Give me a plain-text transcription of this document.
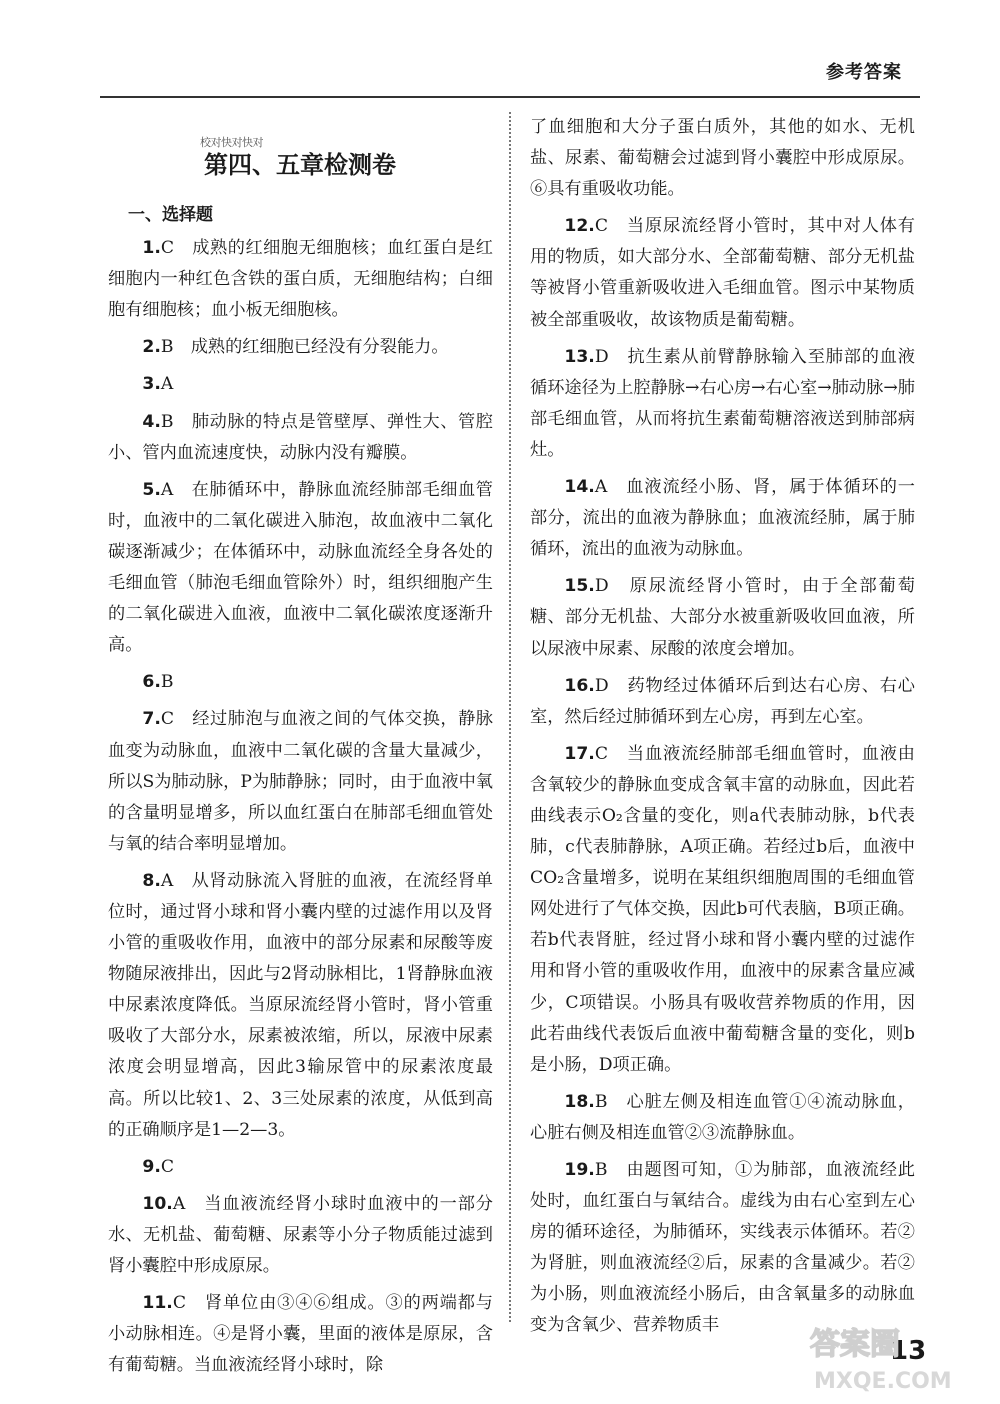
参考答案
校对快对快对
第四、五章检测卷
一、选择题
1.C　成熟的红细胞无细胞核；血红蛋白是红细胞内一种红色含铁的蛋白质，无细胞结构；白细胞有细胞核；血小板无细胞核。
2.B　成熟的红细胞已经没有分裂能力。
3.A
4.B　肺动脉的特点是管壁厚、弹性大、管腔小、管内血流速度快，动脉内没有瓣膜。
5.A　在肺循环中，静脉血流经肺部毛细血管时，血液中的二氧化碳进入肺泡，故血液中二氧化碳逐渐减少；在体循环中，动脉血流经全身各处的毛细血管（肺泡毛细血管除外）时，组织细胞产生的二氧化碳进入血液，血液中二氧化碳浓度逐渐升高。
6.B
7.C　经过肺泡与血液之间的气体交换，静脉血变为动脉血，血液中二氧化碳的含量大量减少，所以S为肺动脉，P为肺静脉；同时，由于血液中氧的含量明显增多，所以血红蛋白在肺部毛细血管处与氧的结合率明显增加。
8.A　从肾动脉流入肾脏的血液，在流经肾单位时，通过肾小球和肾小囊内壁的过滤作用以及肾小管的重吸收作用，血液中的部分尿素和尿酸等废物随尿液排出，因此与2肾动脉相比，1肾静脉血液中尿素浓度降低。当原尿流经肾小管时，肾小管重吸收了大部分水，尿素被浓缩，所以，尿液中尿素浓度会明显增高，因此3输尿管中的尿素浓度最高。所以比较1、2、3三处尿素的浓度，从低到高的正确顺序是1—2—3。
9.C
10.A　当血液流经肾小球时血液中的一部分水、无机盐、葡萄糖、尿素等小分子物质能过滤到肾小囊腔中形成原尿。
11.C　肾单位由③④⑥组成。③的两端都与小动脉相连。④是肾小囊，里面的液体是原尿，含有葡萄糖。当血液流经肾小球时，除
了血细胞和大分子蛋白质外，其他的如水、无机盐、尿素、葡萄糖会过滤到肾小囊腔中形成原尿。⑥具有重吸收功能。
12.C　当原尿流经肾小管时，其中对人体有用的物质，如大部分水、全部葡萄糖、部分无机盐等被肾小管重新吸收进入毛细血管。图示中某物质被全部重吸收，故该物质是葡萄糖。
13.D　抗生素从前臂静脉输入至肺部的血液循环途径为上腔静脉→右心房→右心室→肺动脉→肺部毛细血管，从而将抗生素葡萄糖溶液送到肺部病灶。
14.A　血液流经小肠、肾，属于体循环的一部分，流出的血液为静脉血；血液流经肺，属于肺循环，流出的血液为动脉血。
15.D　原尿流经肾小管时，由于全部葡萄糖、部分无机盐、大部分水被重新吸收回血液，所以尿液中尿素、尿酸的浓度会增加。
16.D　药物经过体循环后到达右心房、右心室，然后经过肺循环到左心房，再到左心室。
17.C　当血液流经肺部毛细血管时，血液由含氧较少的静脉血变成含氧丰富的动脉血，因此若曲线表示O₂含量的变化，则a代表肺动脉，b代表肺，c代表肺静脉，A项正确。若经过b后，血液中CO₂含量增多，说明在某组织细胞周围的毛细血管网处进行了气体交换，因此b可代表脑，B项正确。若b代表肾脏，经过肾小球和肾小囊内壁的过滤作用和肾小管的重吸收作用，血液中的尿素含量应减少，C项错误。小肠具有吸收营养物质的作用，因此若曲线代表饭后血液中葡萄糖含量的变化，则b是小肠，D项正确。
18.B　心脏左侧及相连血管①④流动脉血，心脏右侧及相连血管②③流静脉血。
19.B　由题图可知，①为肺部，血液流经此处时，血红蛋白与氧结合。虚线为由右心室到左心房的循环途径，为肺循环，实线表示体循环。若②为肾脏，则血液流经②后，尿素的含量减少。若②为小肠，则血液流经小肠后，由含氧量多的动脉血变为含氧少、营养物质丰
13
答案圈
MXQE.COM
